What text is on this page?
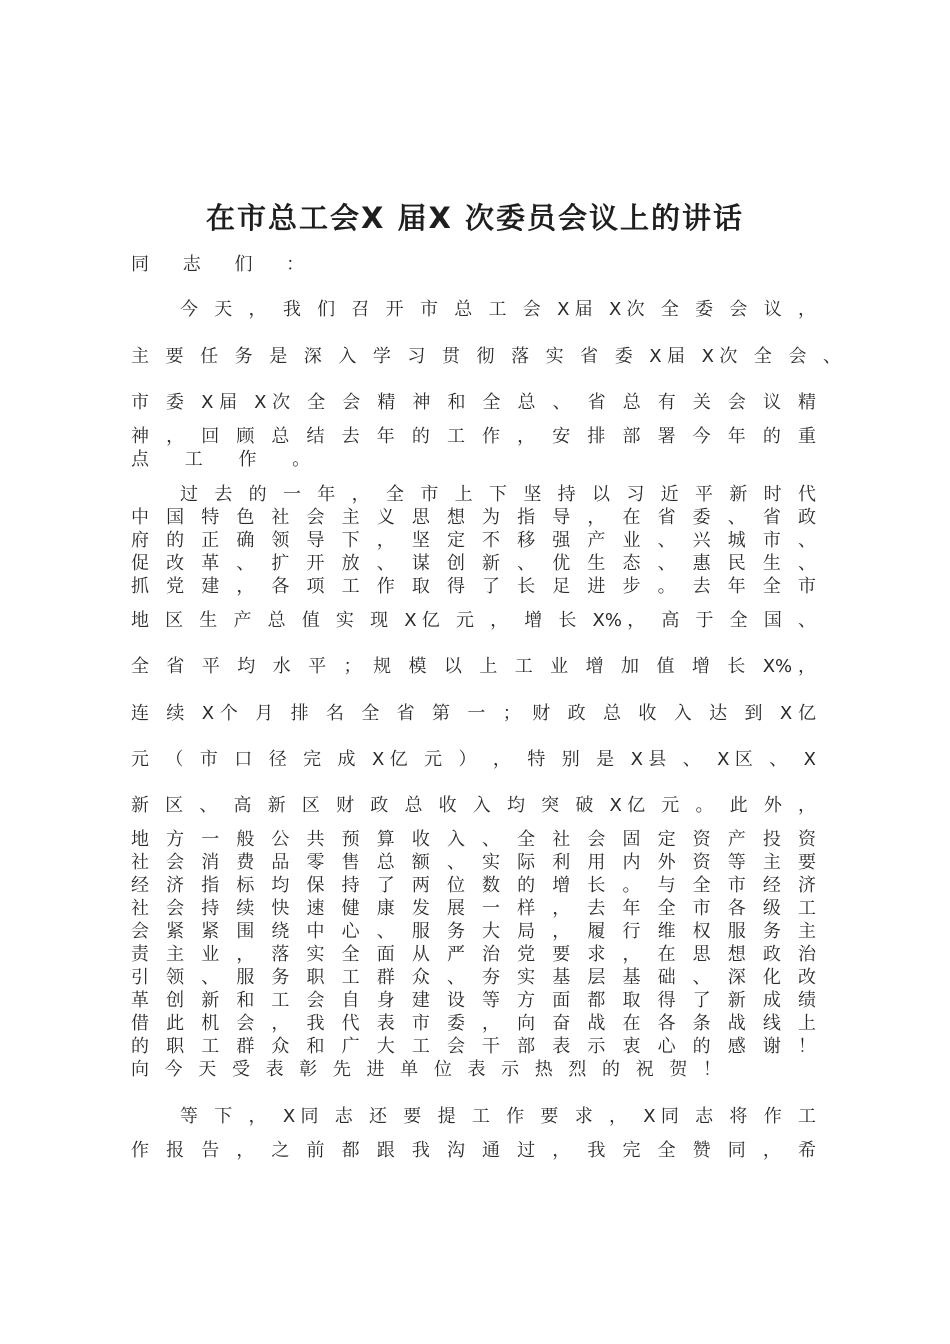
在市总工会X 届X 次委员会议上的讲话

同 志 们 ：

今 天 ， 我 们 召 开 市 总 工 会 X届 X次 全 委 会 议 ，

主 要 任 务 是 深 入 学 习 贯 彻 落 实 省 委 X届 X次 全 会 、

市 委 X届 X次 全 会 精 神 和 全 总 、 省 总 有 关 会 议 精

神 ， 回 顾 总 结 去 年 的 工 作 ， 安 排 部 署 今 年 的 重

点 工 作 。

过 去 的 一 年 ， 全 市 上 下 坚 持 以 习 近 平 新 时 代

中 国 特 色 社 会 主 义 思 想 为 指 导 ， 在 省 委 、 省 政

府 的 正 确 领 导 下 ， 坚 定 不 移 强 产 业 、 兴 城 市 、

促 改 革 、 扩 开 放 、 谋 创 新 、 优 生 态 、 惠 民 生 、

抓 党 建 ， 各 项 工 作 取 得 了 长 足 进 步 。 去 年 全 市

地 区 生 产 总 值 实 现 X亿 元 ， 增 长 X%， 高 于 全 国 、

全 省 平 均 水 平 ； 规 模 以 上 工 业 增 加 值 增 长 X%，

连 续 X个 月 排 名 全 省 第 一 ； 财 政 总 收 入 达 到 X亿

元 （ 市 口 径 完 成 X亿 元 ） ， 特 别 是 X县 、 X区 、 X

新 区 、 高 新 区 财 政 总 收 入 均 突 破 X亿 元 。 此 外 ，

地 方 一 般 公 共 预 算 收 入 、 全 社 会 固 定 资 产 投 资

社 会 消 费 品 零 售 总 额 、 实 际 利 用 内 外 资 等 主 要

经 济 指 标 均 保 持 了 两 位 数 的 增 长 。 与 全 市 经 济

社 会 持 续 快 速 健 康 发 展 一 样 ， 去 年 全 市 各 级 工

会 紧 紧 围 绕 中 心 、 服 务 大 局 ， 履 行 维 权 服 务 主

责 主 业 ， 落 实 全 面 从 严 治 党 要 求 ， 在 思 想 政 治

引 领 、 服 务 职 工 群 众 、 夯 实 基 层 基 础 、 深 化 改

革 创 新 和 工 会 自 身 建 设 等 方 面 都 取 得 了 新 成 绩

借 此 机 会 ， 我 代 表 市 委 ， 向 奋 战 在 各 条 战 线 上

的 职 工 群 众 和 广 大 工 会 干 部 表 示 衷 心 的 感 谢 ！

向 今 天 受 表 彰 先 进 单 位 表 示 热 烈 的 祝 贺 ！

等 下 ， X同 志 还 要 提 工 作 要 求 ， X同 志 将 作 工

作 报 告 ， 之 前 都 跟 我 沟 通 过 ， 我 完 全 赞 同 ， 希
